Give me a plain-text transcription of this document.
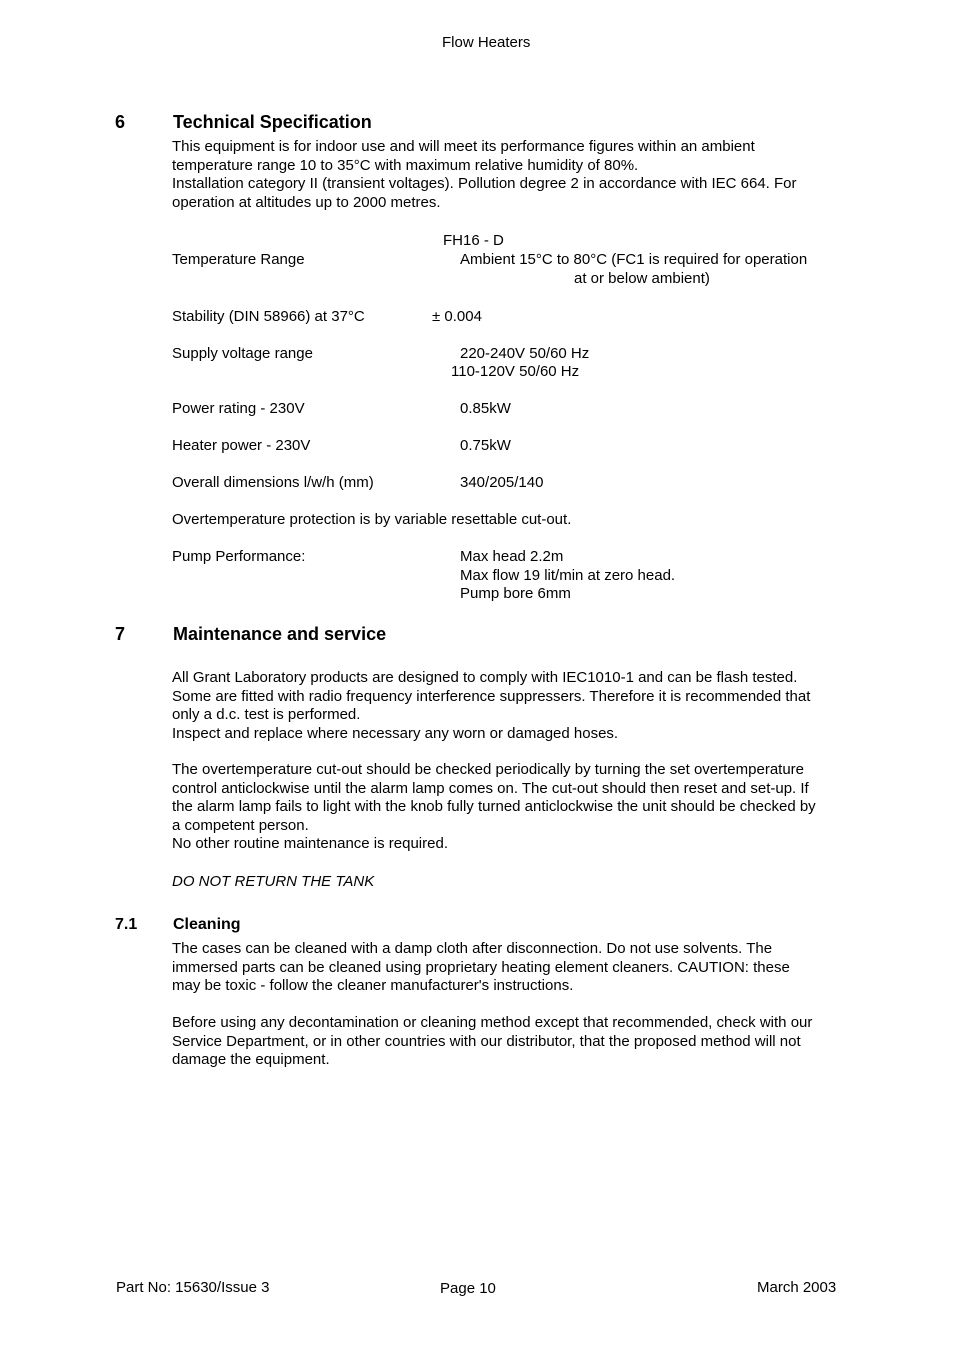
Flow Heaters
6	Technical Specification
This equipment is for indoor use and will meet its performance figures within an ambient
temperature range 10 to 35°C with maximum relative humidity of 80%.
Installation category II (transient voltages). Pollution degree 2 in accordance with IEC 664. For
operation at altitudes up to 2000 metres.
FH16 - D
Temperature Range	Ambient 15°C to 80°C (FC1 is required for operation
at or below ambient)
Stability (DIN 58966) at 37°C	± 0.004
Supply voltage range	220-240V 50/60 Hz
110-120V 50/60 Hz
Power rating - 230V	0.85kW
Heater power - 230V	0.75kW
Overall dimensions l/w/h (mm)	340/205/140
Overtemperature protection is by variable resettable cut-out.
Pump Performance:	Max head 2.2m
Max flow 19 lit/min at zero head.
Pump bore 6mm
7	Maintenance and service
All Grant Laboratory products are designed to comply with IEC1010-1 and can be flash tested.
Some are fitted with radio frequency interference suppressers. Therefore it is recommended that
only a d.c. test is performed.
Inspect and replace where necessary any worn or damaged hoses.
The overtemperature cut-out should be checked periodically by turning the set overtemperature
control anticlockwise until the alarm lamp comes on. The cut-out should then reset and set-up. If
the alarm lamp fails to light with the knob fully turned anticlockwise the unit should be checked by
a competent person.
No other routine maintenance is required.
DO NOT RETURN THE TANK
7.1 Cleaning
The cases can be cleaned with a damp cloth after disconnection. Do not use solvents. The
immersed parts can be cleaned using proprietary heating element cleaners. CAUTION: these
may be toxic - follow the cleaner manufacturer's instructions.
Before using any decontamination or cleaning method except that recommended, check with our
Service Department, or in other countries with our distributor, that the proposed method will not
damage the equipment.
Part No: 15630/Issue 3	Page 10	March 2003
